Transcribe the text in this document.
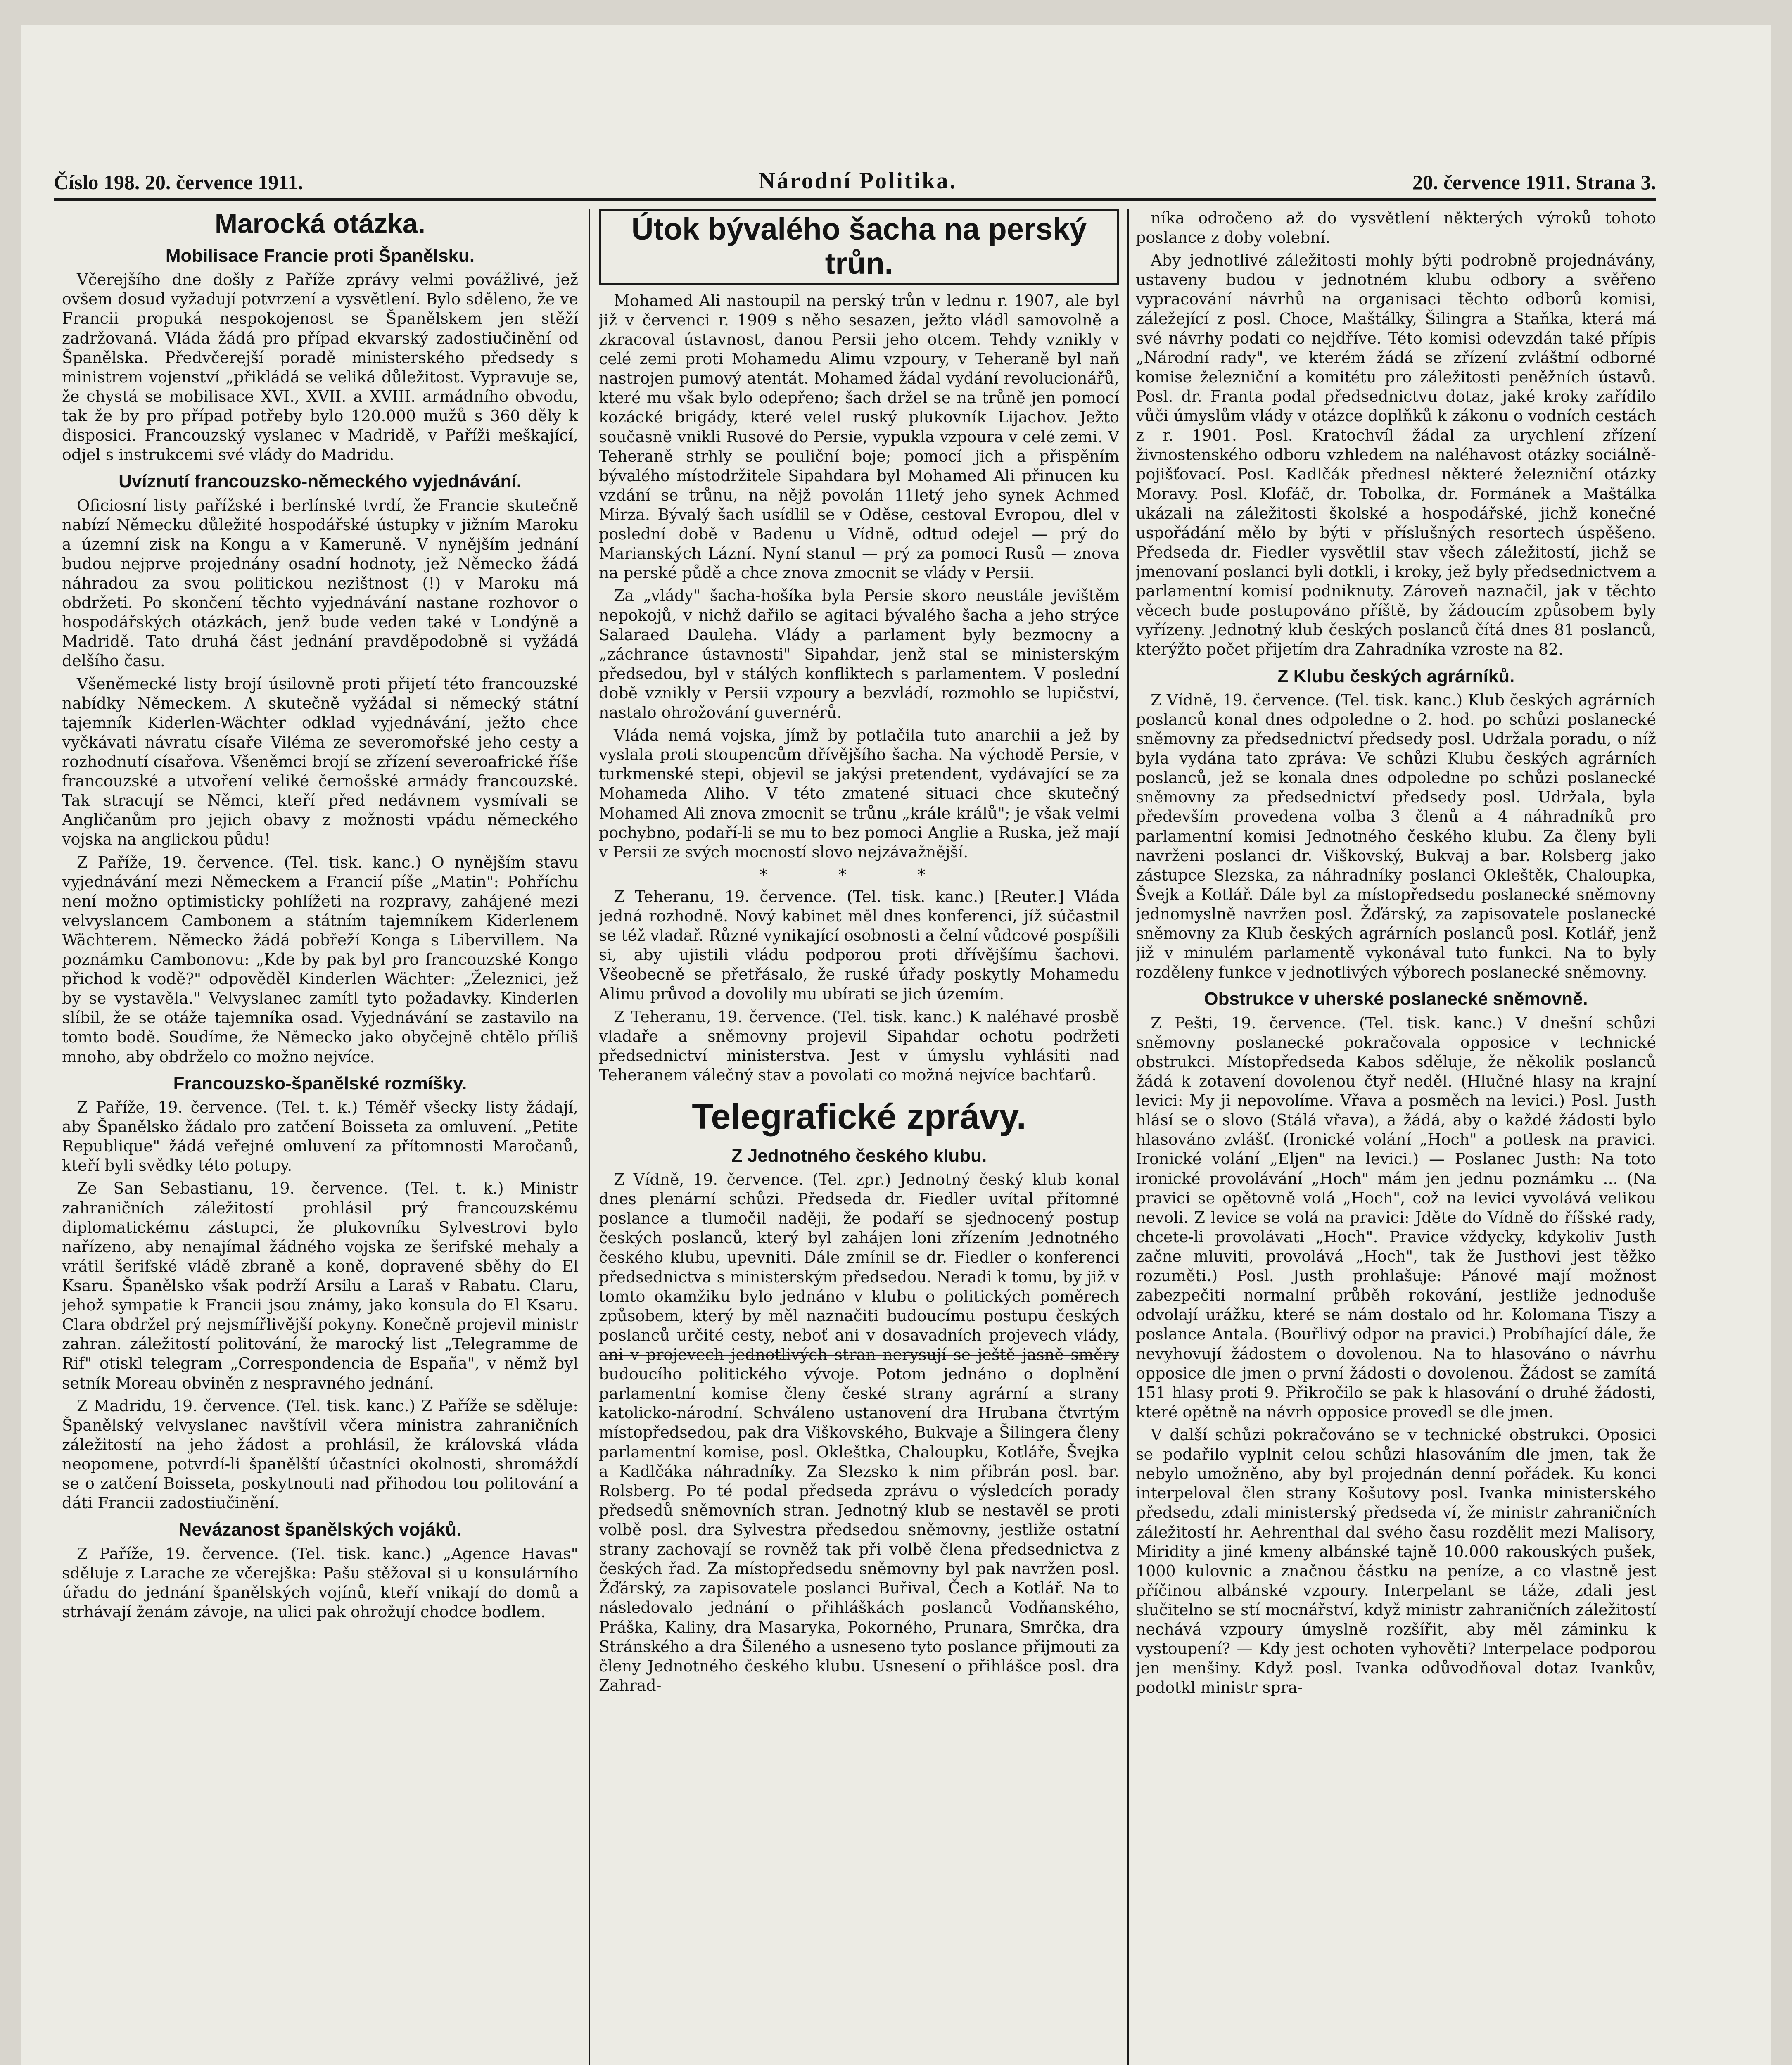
Číslo 198. 20. července 1911.	Národní Politika.	20. července 1911. Strana 3.
Marocká otázka.
Mobilisace Francie proti Španělsku.

Včerejšího dne došly z Paříže zprávy velmi povážlivé, jež ovšem dosud vyžadují potvrzení a vysvětlení. Bylo sděleno, že ve Francii propuká nespokojenost se Španělskem jen stěží zadržovaná. Vláda žádá pro případ ekvarský zadostiučinění od Španělska. Předvčerejší poradě ministerského předsedy s ministrem vojenství „přikládá se veliká důležitost. Vypravuje se, že chystá se mobilisace XVI., XVII. a XVIII. armádního obvodu, tak že by pro případ potřeby bylo 120.000 mužů s 360 děly k disposici. Francouzský vyslanec v Madridě, v Paříži meškající, odjel s instrukcemi své vlády do Madridu.

Uvíznutí francouzsko-německého vyjednávání.

Oficiosní listy pařížské i berlínské tvrdí, že Francie skutečně nabízí Německu důležité hospodářské ústupky v jižním Maroku a územní zisk na Kongu a v Kameruně. V nynějším jednání budou nejprve projednány osadní hodnoty, jež Německo žádá náhradou za svou politickou nezištnost (!) v Maroku má obdržeti. Po skončení těchto vyjednávání nastane rozhovor o hospodářských otázkách, jenž bude veden také v Londýně a Madridě. Tato druhá část jednání pravděpodobně si vyžádá delšího času.

Všeněmecké listy brojí úsilovně proti přijetí této francouzské nabídky Německem. A skutečně vyžádal si německý státní tajemník Kiderlen-Wächter odklad vyjednávání, ježto chce vyčkávati návratu císaře Viléma ze severomořské jeho cesty a rozhodnutí císařova. Všeněmci brojí se zřízení severoafrické říše francouzské a utvoření veliké černošské armády francouzské. Tak stracují se Němci, kteří před nedávnem vysmívali se Angličanům pro jejich obavy z možnosti vpádu německého vojska na anglickou půdu!

Z Paříže, 19. července. (Tel. tisk. kanc.) O nynějším stavu vyjednávání mezi Německem a Francií píše „Matin": Pohříchu není možno optimisticky pohlížeti na rozpravy, zahájené mezi velvyslancem Cambonem a státním tajemníkem Kiderlenem Wächterem. Německo žádá pobřeží Konga s Libervillem. Na poznámku Cambonovu: „Kde by pak byl pro francouzské Kongo přichod k vodě?" odpověděl Kinderlen Wächter: „Železnici, jež by se vystavěla." Velvyslanec zamítl tyto požadavky. Kinderlen slíbil, že se otáže tajemníka osad. Vyjednávání se zastavilo na tomto bodě. Soudíme, že Německo jako obyčejně chtělo příliš mnoho, aby obdrželo co možno nejvíce.

Francouzsko-španělské rozmíšky.

Z Paříže, 19. července. (Tel. t. k.) Téměř všecky listy žádají, aby Španělsko žádalo pro zatčení Boisseta za omluvení. „Petite Republique" žádá veřejné omluvení za přítomnosti Maročanů, kteří byli svědky této potupy.

Ze San Sebastianu, 19. července. (Tel. t. k.) Ministr zahraničních záležitostí prohlásil prý francouzskému diplomatickému zástupci, že plukovníku Sylvestrovi bylo nařízeno, aby nenajímal žádného vojska ze šerifské mehaly a vrátil šerifské vládě zbraně a koně, dopravené sběhy do El Ksaru. Španělsko však podrží Arsilu a Laraš v Rabatu. Claru, jehož sympatie k Francii jsou známy, jako konsula do El Ksaru. Clara obdržel prý nejsmířlivější pokyny. Konečně projevil ministr zahran. záležitostí politování, že marocký list „Telegramme de Rif" otiskl telegram „Correspondencia de España", v němž byl setník Moreau obviněn z nespravného jednání.

Z Madridu, 19. července. (Tel. tisk. kanc.) Z Paříže se sděluje: Španělský velvyslanec navštívil včera ministra zahraničních záležitostí na jeho žádost a prohlásil, že královská vláda neopomene, potvrdí-li španělští účastníci okolnosti, shromáždí se o zatčení Boisseta, poskytnouti nad přihodou tou politování a dáti Francii zadostiučinění.

Nevázanost španělských vojáků.

Z Paříže, 19. července. (Tel. tisk. kanc.) „Agence Havas" sděluje z Larache ze včerejška: Pašu stěžoval si u konsulárního úřadu do jednání španělských vojínů, kteří vnikají do domů a strhávají ženám závoje, na ulici pak ohrožují chodce bodlem.

Útok bývalého šacha na perský trůn.

Mohamed Ali nastoupil na perský trůn v lednu r. 1907, ale byl již v červenci r. 1909 s něho sesazen, ježto vládl samovolně a zkracoval ústavnost, danou Persii jeho otcem. Tehdy vznikly v celé zemi proti Mohamedu Alimu vzpoury, v Teheraně byl naň nastrojen pumový atentát. Mohamed žádal vydání revolucionářů, které mu však bylo odepřeno; šach držel se na trůně jen pomocí kozácké brigády, které velel ruský plukovník Lijachov. Ježto současně vnikli Rusové do Persie, vypukla vzpoura v celé zemi. V Teheraně strhly se pouliční boje; pomocí jich a přispěním bývalého místodržitele Sipahdara byl Mohamed Ali přinucen ku vzdání se trůnu, na nějž povolán 11letý jeho synek Achmed Mirza. Bývalý šach usídlil se v Oděse, cestoval Evropou, dlel v poslední době v Badenu u Vídně, odtud odejel — prý do Marianských Lázní. Nyní stanul — prý za pomoci Rusů — znova na perské půdě a chce znova zmocnit se vlády v Persii.

Za „vlády" šacha-hošíka byla Persie skoro neustále jevištěm nepokojů, v nichž dařilo se agitaci bývalého šacha a jeho strýce Salaraed Dauleha. Vlády a parlament byly bezmocny a „záchrance ústavnosti" Sipahdar, jenž stal se ministerským předsedou, byl v stálých konfliktech s parlamentem. V poslední době vznikly v Persii vzpoury a bezvládí, rozmohlo se lupičství, nastalo ohrožování guvernérů.

Vláda nemá vojska, jímž by potlačila tuto anarchii a jež by vyslala proti stoupencům dřívějšího šacha. Na východě Persie, v turkmenské stepi, objevil se jakýsi pretendent, vydávající se za Mohameda Aliho. V této zmatené situaci chce skutečný Mohamed Ali znova zmocnit se trůnu „krále králů"; je však velmi pochybno, podaří-li se mu to bez pomoci Anglie a Ruska, jež mají v Persii ze svých mocností slovo nejzávažnější.

* * *

Z Teheranu, 19. července. (Tel. tisk. kanc.) [Reuter.] Vláda jedná rozhodně. Nový kabinet měl dnes konferenci, jíž súčastnil se též vladař. Různé vynikající osobnosti a čelní vůdcové pospíšili si, aby ujistili vládu podporou proti dřívějšímu šachovi. Všeobecně se přetřásalo, že ruské úřady poskytly Mohamedu Alimu průvod a dovolily mu ubírati se jich územím.

Z Teheranu, 19. července. (Tel. tisk. kanc.) K naléhavé prosbě vladaře a sněmovny projevil Sipahdar ochotu podržeti předsednictví ministerstva. Jest v úmyslu vyhlásiti nad Teheranem válečný stav a povolati co možná nejvíce bachťarů.

Telegrafické zprávy.
Z Jednotného českého klubu.

Z Vídně, 19. července. (Tel. zpr.) Jednotný český klub konal dnes plenární schůzi. Předseda dr. Fiedler uvítal přítomné poslance a tlumočil naději, že podaří se sjednocený postup českých poslanců, který byl zahájen loni zřízením Jednotného českého klubu, upevniti. Dále zmínil se dr. Fiedler o konferenci předsednictva s ministerským předsedou. Neradi k tomu, by již v tomto okamžiku bylo jednáno v klubu o politických poměrech způsobem, který by měl naznačiti budoucímu postupu českých poslanců určité cesty, neboť ani v dosavadních projevech vlády, ani v projevech jednotlivých stran nerysují se ještě jasně směry budoucího politického vývoje. Potom jednáno o doplnění parlamentní komise členy české strany agrární a strany katolicko-národní. Schváleno ustanovení dra Hrubana čtvrtým místopředsedou, pak dra Viškovského, Bukvaje a Šilingera členy parlamentní komise, posl. Okleštka, Chaloupku, Kotláře, Švejka a Kadlčáka náhradníky. Za Slezsko k nim přibrán posl. bar. Rolsberg. Po té podal předseda zprávu o výsledcích porady předsedů sněmovních stran. Jednotný klub se nestavěl se proti volbě posl. dra Sylvestra předsedou sněmovny, jestliže ostatní strany zachovají se rovněž tak při volbě člena předsednictva z českých řad. Za místopředsedu sněmovny byl pak navržen posl. Žďárský, za zapisovatele poslanci Buřival, Čech a Kotlář. Na to následovalo jednání o přihláškách poslanců Vodňanského, Práška, Kaliny, dra Masaryka, Pokorného, Prunara, Smrčka, dra Stránského a dra Šileného a usneseno tyto poslance přijmouti za členy Jednotného českého klubu. Usnesení o přihlášce posl. dra Zahrad-

níka odročeno až do vysvětlení některých výroků tohoto poslance z doby volební.

Aby jednotlivé záležitosti mohly býti podrobně projednávány, ustaveny budou v jednotném klubu odbory a svěřeno vypracování návrhů na organisaci těchto odborů komisi, záležející z posl. Choce, Maštálky, Šilingra a Staňka, která má své návrhy podati co nejdříve. Této komisi odevzdán také přípis „Národní rady", ve kterém žádá se zřízení zvláštní odborné komise železniční a komitétu pro záležitosti peněžních ústavů. Posl. dr. Franta podal předsednictvu dotaz, jaké kroky zařídilo vůči úmyslům vlády v otázce doplňků k zákonu o vodních cestách z r. 1901. Posl. Kratochvíl žádal za urychlení zřízení živnostenského odboru vzhledem na naléhavost otázky sociálně-pojišťovací. Posl. Kadlčák přednesl některé železniční otázky Moravy. Posl. Klofáč, dr. Tobolka, dr. Formánek a Maštálka ukázali na záležitosti školské a hospodářské, jichž konečné uspořádání mělo by býti v příslušných resortech úspěšeno. Předseda dr. Fiedler vysvětlil stav všech záležitostí, jichž se jmenovaní poslanci byli dotkli, i kroky, jež byly předsednictvem a parlamentní komisí podniknuty. Zároveň naznačil, jak v těchto věcech bude postupováno příště, by žádoucím způsobem byly vyřízeny. Jednotný klub českých poslanců čítá dnes 81 poslanců, kterýžto počet přijetím dra Zahradníka vzroste na 82.

Z Klubu českých agrárníků.

Z Vídně, 19. července. (Tel. tisk. kanc.) Klub českých agrárních poslanců konal dnes odpoledne o 2. hod. po schůzi poslanecké sněmovny za předsednictví předsedy posl. Udržala poradu, o níž byla vydána tato zpráva: Ve schůzi Klubu českých agrárních poslanců, jež se konala dnes odpoledne po schůzi poslanecké sněmovny za předsednictví předsedy posl. Udržala, byla především provedena volba 3 členů a 4 náhradníků pro parlamentní komisi Jednotného českého klubu. Za členy byli navrženi poslanci dr. Viškovský, Bukvaj a bar. Rolsberg jako zástupce Slezska, za náhradníky poslanci Okleštěk, Chaloupka, Švejk a Kotlář. Dále byl za místopředsedu poslanecké sněmovny jednomyslně navržen posl. Žďárský, za zapisovatele poslanecké sněmovny za Klub českých agrárních poslanců posl. Kotlář, jenž již v minulém parlamentě vykonával tuto funkci. Na to byly rozděleny funkce v jednotlivých výborech poslanecké sněmovny.

Obstrukce v uherské poslanecké sněmovně.

Z Pešti, 19. července. (Tel. tisk. kanc.) V dnešní schůzi sněmovny poslanecké pokračovala opposice v technické obstrukci. Místopředseda Kabos sděluje, že několik poslanců žádá k zotavení dovolenou čtyř neděl. (Hlučné hlasy na krajní levici: My ji nepovolíme. Vřava a posměch na levici.) Posl. Justh hlásí se o slovo (Stálá vřava), a žádá, aby o každé žádosti bylo hlasováno zvlášť. (Ironické volání „Hoch" a potlesk na pravici. Ironické volání „Eljen" na levici.) — Poslanec Justh: Na toto ironické provolávání „Hoch" mám jen jednu poznámku ... (Na pravici se opětovně volá „Hoch", což na levici vyvolává velikou nevoli. Z levice se volá na pravici: Jděte do Vídně do říšské rady, chcete-li provolávati „Hoch". Pravice vždycky, kdykoliv Justh začne mluviti, provolává „Hoch", tak že Justhovi jest těžko rozuměti.) Posl. Justh prohlašuje: Pánové mají možnost zabezpečiti normalní průběh rokování, jestliže jednoduše odvolají urážku, které se nám dostalo od hr. Kolomana Tiszy a poslance Antala. (Bouřlivý odpor na pravici.) Probíhající dále, že nevyhovují žádostem o dovolenou. Na to hlasováno o návrhu opposice dle jmen o první žádosti o dovolenou. Žádost se zamítá 151 hlasy proti 9. Přikročilo se pak k hlasování o druhé žádosti, které opětně na návrh opposice provedl se dle jmen.

V další schůzi pokračováno se v technické obstrukci. Oposici se podařilo vyplnit celou schůzi hlasováním dle jmen, tak že nebylo umožněno, aby byl projednán denní pořádek. Ku konci interpeloval člen strany Košutovy posl. Ivanka ministerského předsedu, zdali ministerský předseda ví, že ministr zahraničních záležitostí hr. Aehrenthal dal svého času rozdělit mezi Malisory, Miridity a jiné kmeny albánské tajně 10.000 rakouských pušek, 1000 kulovnic a značnou částku na peníze, a co vlastně jest příčinou albánské vzpoury. Interpelant se táže, zdali jest slučitelno se stí mocnářství, když ministr zahraničních záležitostí nechává vzpoury úmyslně rozšířit, aby měl záminku k vystoupení? — Kdy jest ochoten vyhověti? Interpelace podporou jen menšiny. Když posl. Ivanka odůvodňoval dotaz Ivankův, podotkl ministr spra-
